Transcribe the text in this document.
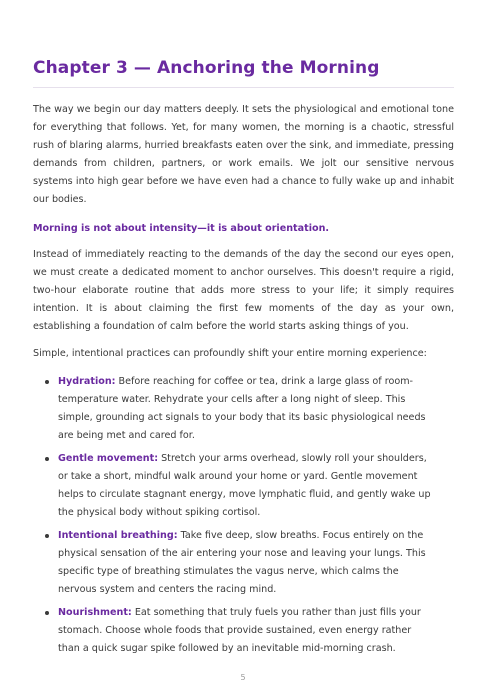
Chapter 3 — Anchoring the Morning

The way we begin our day matters deeply. It sets the physiological and emotional tone for everything that follows. Yet, for many women, the morning is a chaotic, stressful rush of blaring alarms, hurried breakfasts eaten over the sink, and immediate, pressing demands from children, partners, or work emails. We jolt our sensitive nervous systems into high gear before we have even had a chance to fully wake up and inhabit our bodies.

Morning is not about intensity—it is about orientation.

Instead of immediately reacting to the demands of the day the second our eyes open, we must create a dedicated moment to anchor ourselves. This doesn't require a rigid, two-hour elaborate routine that adds more stress to your life; it simply requires intention. It is about claiming the first few moments of the day as your own, establishing a foundation of calm before the world starts asking things of you.

Simple, intentional practices can profoundly shift your entire morning experience:

Hydration: Before reaching for coffee or tea, drink a large glass of room-temperature water. Rehydrate your cells after a long night of sleep. This simple, grounding act signals to your body that its basic physiological needs are being met and cared for.
Gentle movement: Stretch your arms overhead, slowly roll your shoulders, or take a short, mindful walk around your home or yard. Gentle movement helps to circulate stagnant energy, move lymphatic fluid, and gently wake up the physical body without spiking cortisol.
Intentional breathing: Take five deep, slow breaths. Focus entirely on the physical sensation of the air entering your nose and leaving your lungs. This specific type of breathing stimulates the vagus nerve, which calms the nervous system and centers the racing mind.
Nourishment: Eat something that truly fuels you rather than just fills your stomach. Choose whole foods that provide sustained, even energy rather than a quick sugar spike followed by an inevitable mid-morning crash.
5
